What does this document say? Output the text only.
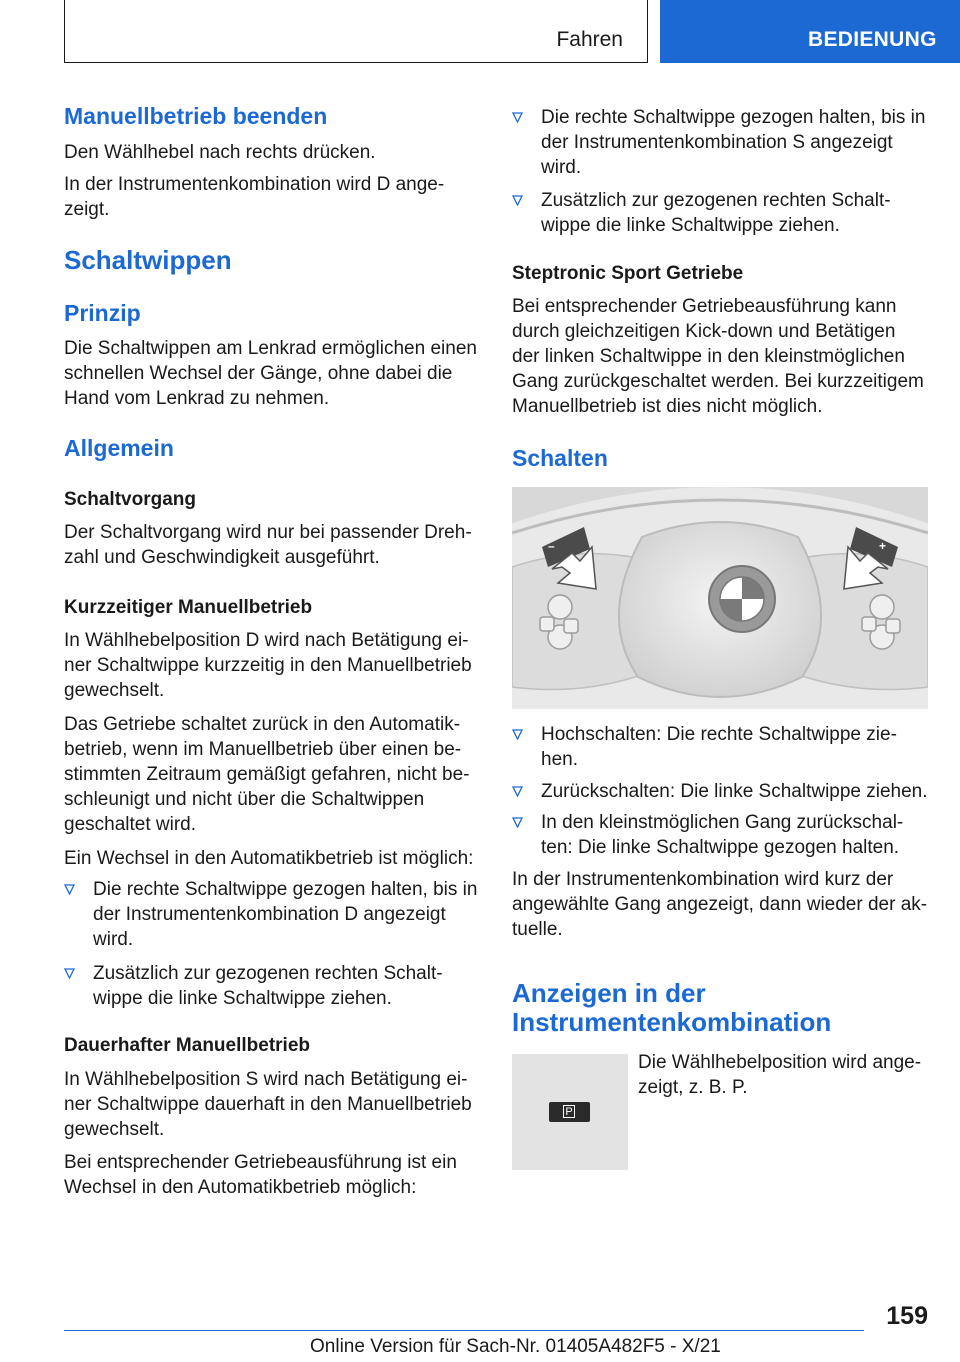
Fahren	BEDIENUNG
Manuellbetrieb beenden
Den Wählhebel nach rechts drücken.
In der Instrumentenkombination wird D ange-
zeigt.
Schaltwippen
Prinzip
Die Schaltwippen am Lenkrad ermöglichen einen
schnellen Wechsel der Gänge, ohne dabei die
Hand vom Lenkrad zu nehmen.
Allgemein
Schaltvorgang
Der Schaltvorgang wird nur bei passender Dreh-
zahl und Geschwindigkeit ausgeführt.
Kurzzeitiger Manuellbetrieb
In Wählhebelposition D wird nach Betätigung ei-
ner Schaltwippe kurzzeitig in den Manuellbetrieb
gewechselt.
Das Getriebe schaltet zurück in den Automatik-
betrieb, wenn im Manuellbetrieb über einen be-
stimmten Zeitraum gemäßigt gefahren, nicht be-
schleunigt und nicht über die Schaltwippen
geschaltet wird.
Ein Wechsel in den Automatikbetrieb ist möglich:
Die rechte Schaltwippe gezogen halten, bis in
der Instrumentenkombination D angezeigt
wird.
Zusätzlich zur gezogenen rechten Schalt-
wippe die linke Schaltwippe ziehen.
Dauerhafter Manuellbetrieb
In Wählhebelposition S wird nach Betätigung ei-
ner Schaltwippe dauerhaft in den Manuellbetrieb
gewechselt.
Bei entsprechender Getriebeausführung ist ein
Wechsel in den Automatikbetrieb möglich:
Die rechte Schaltwippe gezogen halten, bis in
der Instrumentenkombination S angezeigt
wird.
Zusätzlich zur gezogenen rechten Schalt-
wippe die linke Schaltwippe ziehen.
Steptronic Sport Getriebe
Bei entsprechender Getriebeausführung kann
durch gleichzeitigen Kick-down und Betätigen
der linken Schaltwippe in den kleinstmöglichen
Gang zurückgeschaltet werden. Bei kurzzeitigem
Manuellbetrieb ist dies nicht möglich.
Schalten
Hochschalten: Die rechte Schaltwippe zie-
hen.
Zurückschalten: Die linke Schaltwippe ziehen.
In den kleinstmöglichen Gang zurückschal-
ten: Die linke Schaltwippe gezogen halten.
In der Instrumentenkombination wird kurz der
angewählte Gang angezeigt, dann wieder der ak-
tuelle.
Anzeigen in der
Instrumentenkombination
Die Wählhebelposition wird ange-
zeigt, z. B. P.
–	+
P
159
Online Version für Sach-Nr. 01405A482F5 - X/21
